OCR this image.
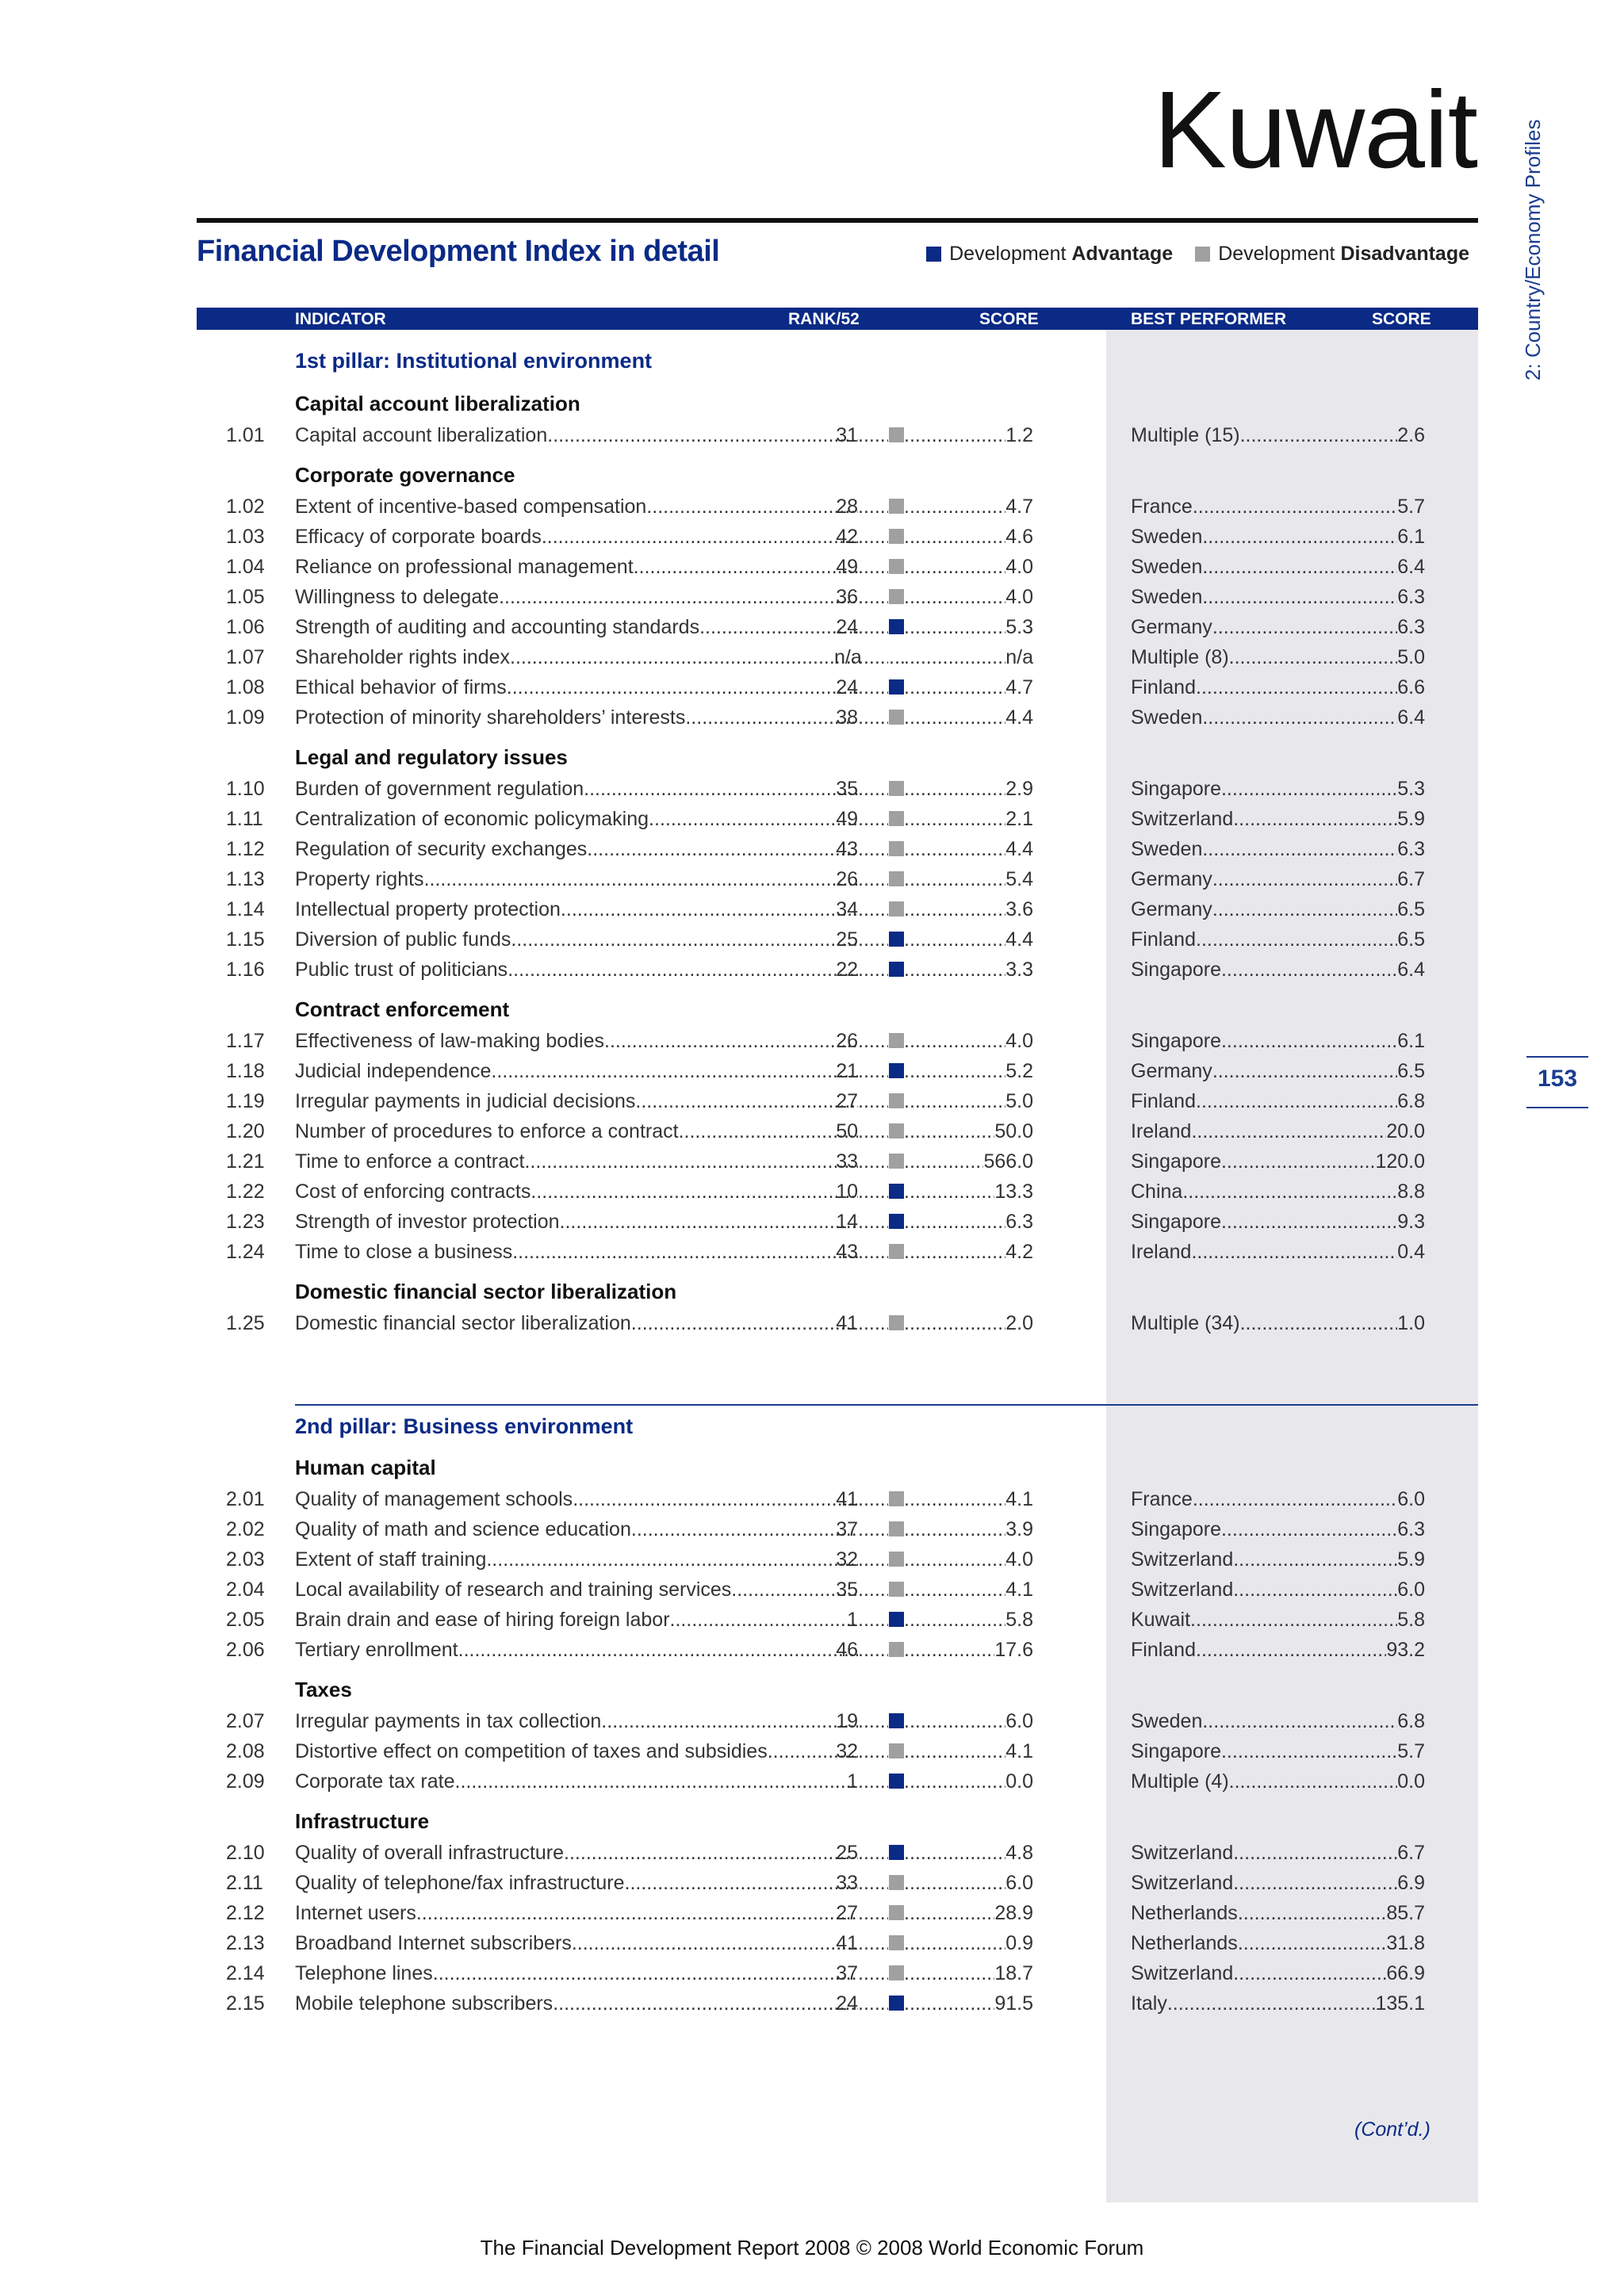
Kuwait
Financial Development Index in detail	Development Advantage Development Disadvantage	2: Country/Economy Profiles
153
INDICATOR	RANK/52	SCORE	BEST PERFORMER	SCORE
1st pillar: Institutional environment
2nd pillar: Business environment
Capital account liberalization
1.01 Capital account liberalization .....	31 ..... .....	1.2	Multiple (15) .....	2.6
Corporate governance
1.02 Extent of incentive-based compensation .....	28 ..... .....	4.7	France .....	5.7
1.03 Efficacy of corporate boards .....	42 ..... .....	4.6	Sweden .....	6.1
1.04 Reliance on professional management .....	49 ..... .....	4.0	Sweden .....	6.4
1.05 Willingness to delegate .....	36 ..... .....	4.0	Sweden .....	6.3
1.06 Strength of auditing and accounting standards .....	24 ..... .....	5.3	Germany .....	6.3
1.07 Shareholder rights index .....	n/a ..... ..... .....	n/a	Multiple (8) .....	5.0
1.08 Ethical behavior of firms .....	24 ..... .....	4.7	Finland .....	6.6
1.09 Protection of minority shareholders’ interests .....	38 ..... .....	4.4	Sweden .....	6.4
Legal and regulatory issues
1.10 Burden of government regulation .....	35 ..... .....	2.9	Singapore .....	5.3
1.11 Centralization of economic policymaking .....	49 ..... .....	2.1	Switzerland .....	5.9
1.12 Regulation of security exchanges .....	43 ..... .....	4.4	Sweden .....	6.3
1.13 Property rights .....	26 ..... .....	5.4	Germany .....	6.7
1.14 Intellectual property protection .....	34 ..... .....	3.6	Germany .....	6.5
1.15 Diversion of public funds .....	25 ..... .....	4.4	Finland .....	6.5
1.16 Public trust of politicians .....	22 ..... .....	3.3	Singapore .....	6.4
Contract enforcement
1.17 Effectiveness of law-making bodies .....	26 ..... .....	4.0	Singapore .....	6.1
1.18 Judicial independence .....	21 ..... .....	5.2	Germany .....	6.5
1.19 Irregular payments in judicial decisions .....	27 ..... .....	5.0	Finland .....	6.8
1.20 Number of procedures to enforce a contract .....	50 ..... .....	50.0	Ireland .....	20.0
1.21 Time to enforce a contract .....	33 ..... .....	566.0	Singapore .....	120.0
1.22 Cost of enforcing contracts .....	10 ..... .....	13.3	China .....	8.8
1.23 Strength of investor protection .....	14 ..... .....	6.3	Singapore .....	9.3
1.24 Time to close a business .....	43 ..... .....	4.2	Ireland .....	0.4
Domestic financial sector liberalization
1.25 Domestic financial sector liberalization .....	41 ..... .....	2.0	Multiple (34) .....	1.0
Human capital
2.01 Quality of management schools .....	41 ..... .....	4.1	France .....	6.0
2.02 Quality of math and science education .....	37 ..... .....	3.9	Singapore .....	6.3
2.03 Extent of staff training .....	32 ..... .....	4.0	Switzerland .....	5.9
2.04 Local availability of research and training services .....	35 ..... .....	4.1	Switzerland .....	6.0
2.05 Brain drain and ease of hiring foreign labor .....	1 ..... .....	5.8	Kuwait .....	5.8
2.06 Tertiary enrollment .....	46 ..... .....	17.6	Finland .....	93.2
Taxes
2.07 Irregular payments in tax collection .....	19 ..... .....	6.0	Sweden .....	6.8
2.08 Distortive effect on competition of taxes and subsidies .....	32 ..... .....	4.1	Singapore .....	5.7
2.09 Corporate tax rate .....	1 ..... .....	0.0	Multiple (4) .....	0.0
Infrastructure
2.10 Quality of overall infrastructure .....	25 ..... .....	4.8	Switzerland .....	6.7
2.11 Quality of telephone/fax infrastructure .....	33 ..... .....	6.0	Switzerland .....	6.9
2.12 Internet users .....	27 ..... .....	28.9	Netherlands .....	85.7
2.13 Broadband Internet subscribers .....	41 ..... .....	0.9	Netherlands .....	31.8
2.14 Telephone lines .....	37 ..... .....	18.7	Switzerland .....	66.9
2.15 Mobile telephone subscribers .....	24 ..... .....	91.5	Italy .....	135.1
(Cont’d.)
The Financial Development Report 2008 © 2008 World Economic Forum
